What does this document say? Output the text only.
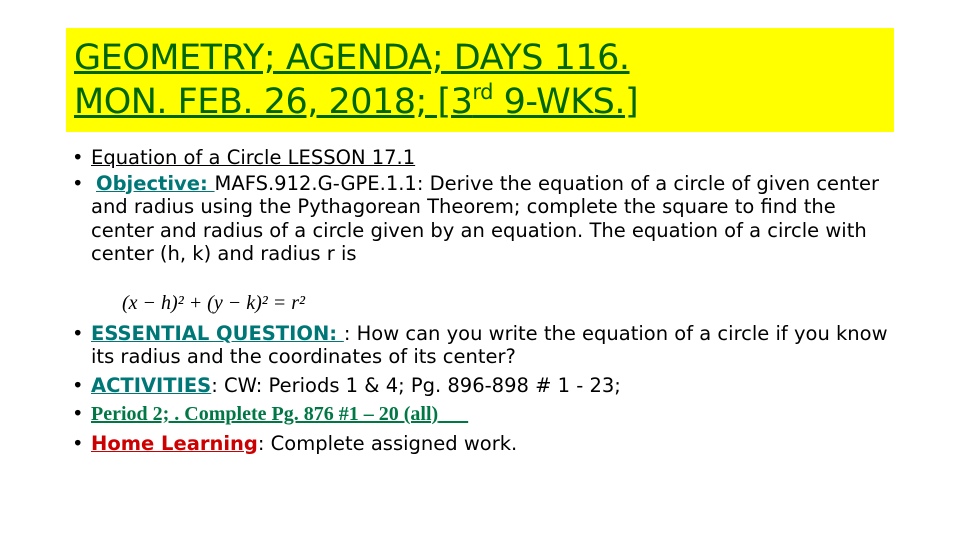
GEOMETRY; AGENDA; DAYS 116.
MON. FEB. 26, 2018; [3rd 9-WKS.]
• Equation of a Circle LESSON 17.1
• Objective: MAFS.912.G-GPE.1.1: Derive the equation of a circle of given center and radius using the Pythagorean Theorem; complete the square to find the center and radius of a circle given by an equation. The equation of a circle with center (h, k) and radius r is
• ESSENTIAL QUESTION: : How can you write the equation of a circle if you know its radius and the coordinates of its center?
• ACTIVITIES: CW: Periods 1 & 4; Pg. 896-898 # 1 - 23;
• Period 2; . Complete Pg. 876 #1 – 20 (all)
• Home Learning: Complete assigned work.
(x − h)² + (y − k)² = r²
